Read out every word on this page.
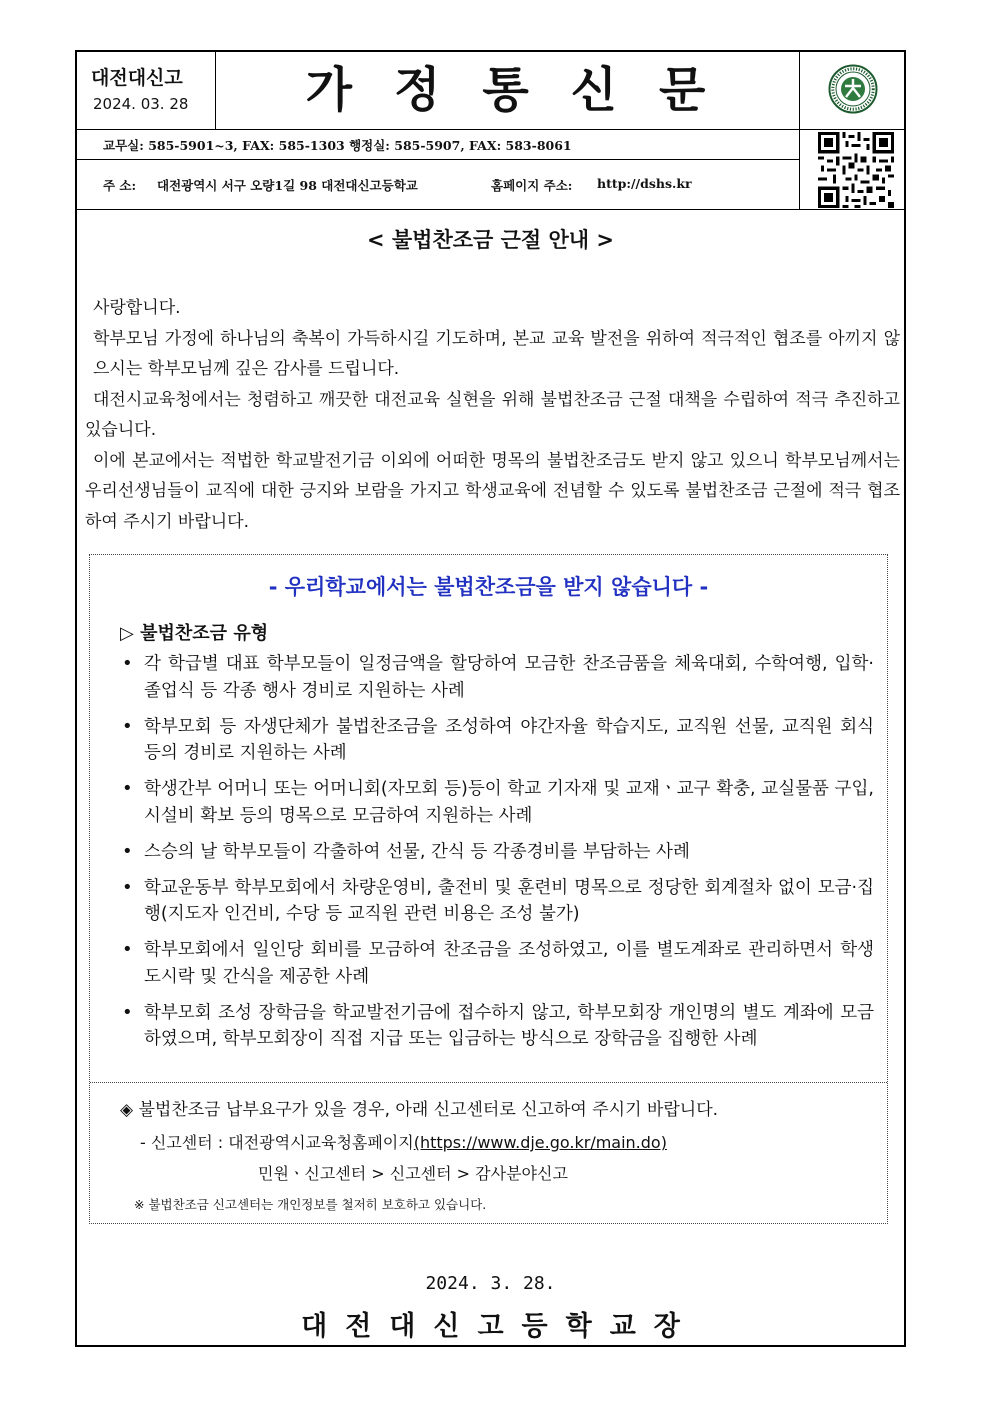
대전대신고
2024. 03. 28	가정통신문
교무실: 585-5901~3, FAX: 585-1303 행정실: 585-5907, FAX: 583-8061
주 소: 대전광역시 서구 오량1길 98 대전대신고등학교	홈페이지 주소: http://dshs.kr
< 불법찬조금 근절 안내 >

사랑합니다.

학부모님 가정에 하나님의 축복이 가득하시길 기도하며, 본교 교육 발전을 위하여 적극적인 협조를 아끼지 않으시는 학부모님께 깊은 감사를 드립니다.

대전시교육청에서는 청렴하고 깨끗한 대전교육 실현을 위해 불법찬조금 근절 대책을 수립하여 적극 추진하고 있습니다.

이에 본교에서는 적법한 학교발전기금 이외에 어떠한 명목의 불법찬조금도 받지 않고 있으니 학부모님께서는 우리선생님들이 교직에 대한 긍지와 보람을 가지고 학생교육에 전념할 수 있도록 불법찬조금 근절에 적극 협조하여 주시기 바랍니다.

- 우리학교에서는 불법찬조금을 받지 않습니다 -
▷ 불법찬조금 유형
• 각 학급별 대표 학부모들이 일정금액을 할당하여 모금한 찬조금품을 체육대회, 수학여행, 입학·졸업식 등 각종 행사 경비로 지원하는 사례
• 학부모회 등 자생단체가 불법찬조금을 조성하여 야간자율 학습지도, 교직원 선물, 교직원 회식 등의 경비로 지원하는 사례
• 학생간부 어머니 또는 어머니회(자모회 등)등이 학교 기자재 및 교재ㆍ교구 확충, 교실물품 구입, 시설비 확보 등의 명목으로 모금하여 지원하는 사례
• 스승의 날 학부모들이 각출하여 선물, 간식 등 각종경비를 부담하는 사례
• 학교운동부 학부모회에서 차량운영비, 출전비 및 훈련비 명목으로 정당한 회계절차 없이 모금·집행(지도자 인건비, 수당 등 교직원 관련 비용은 조성 불가)
• 학부모회에서 일인당 회비를 모금하여 찬조금을 조성하였고, 이를 별도계좌로 관리하면서 학생 도시락 및 간식을 제공한 사례
• 학부모회 조성 장학금을 학교발전기금에 접수하지 않고, 학부모회장 개인명의 별도 계좌에 모금하였으며, 학부모회장이 직접 지급 또는 입금하는 방식으로 장학금을 집행한 사례
◈ 불법찬조금 납부요구가 있을 경우, 아래 신고센터로 신고하여 주시기 바랍니다.
- 신고센터 : 대전광역시교육청홈페이지(https://www.dje.go.kr/main.do)
민원ㆍ신고센터 > 신고센터 > 감사분야신고
※ 불법찬조금 신고센터는 개인정보를 철저히 보호하고 있습니다.
2024. 3. 28.
대전대신고등학교장
